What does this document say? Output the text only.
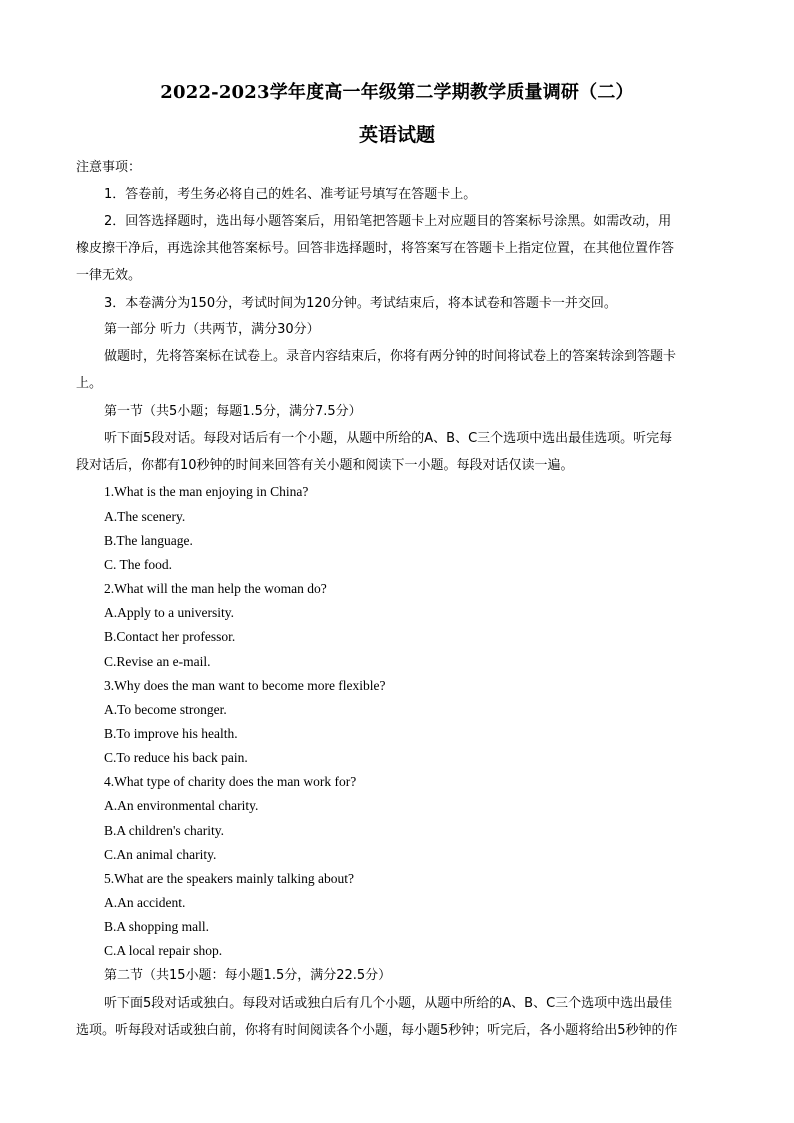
2022-2023学年度高一年级第二学期教学质量调研（二）
英语试题
注意事项：
1．答卷前，考生务必将自己的姓名、准考证号填写在答题卡上。
2．回答选择题时，选出每小题答案后，用铅笔把答题卡上对应题目的答案标号涂黑。如需改动，用
橡皮擦干净后，再选涂其他答案标号。回答非选择题时，将答案写在答题卡上指定位置，在其他位置作答
一律无效。
3．本卷满分为150分，考试时间为120分钟。考试结束后，将本试卷和答题卡一并交回。
第一部分 听力（共两节，满分30分）
做题时，先将答案标在试卷上。录音内容结束后，你将有两分钟的时间将试卷上的答案转涂到答题卡
上。
第一节（共5小题；每题1.5分，满分7.5分）
听下面5段对话。每段对话后有一个小题，从题中所给的A、B、C三个选项中选出最佳选项。听完每
段对话后，你都有10秒钟的时间来回答有关小题和阅读下一小题。每段对话仅读一遍。
1.What is the man enjoying in China?
A.The scenery.
B.The language.
C. The food.
2.What will the man help the woman do?
A.Apply to a university.
B.Contact her professor.
C.Revise an e-mail.
3.Why does the man want to become more flexible?
A.To become stronger.
B.To improve his health.
C.To reduce his back pain.
4.What type of charity does the man work for?
A.An environmental charity.
B.A children's charity.
C.An animal charity.
5.What are the speakers mainly talking about?
A.An accident.
B.A shopping mall.
C.A local repair shop.
第二节（共15小题：每小题1.5分，满分22.5分）
听下面5段对话或独白。每段对话或独白后有几个小题，从题中所给的A、B、C三个选项中选出最佳
选项。听每段对话或独白前，你将有时间阅读各个小题，每小题5秒钟；听完后，各小题将给出5秒钟的作
